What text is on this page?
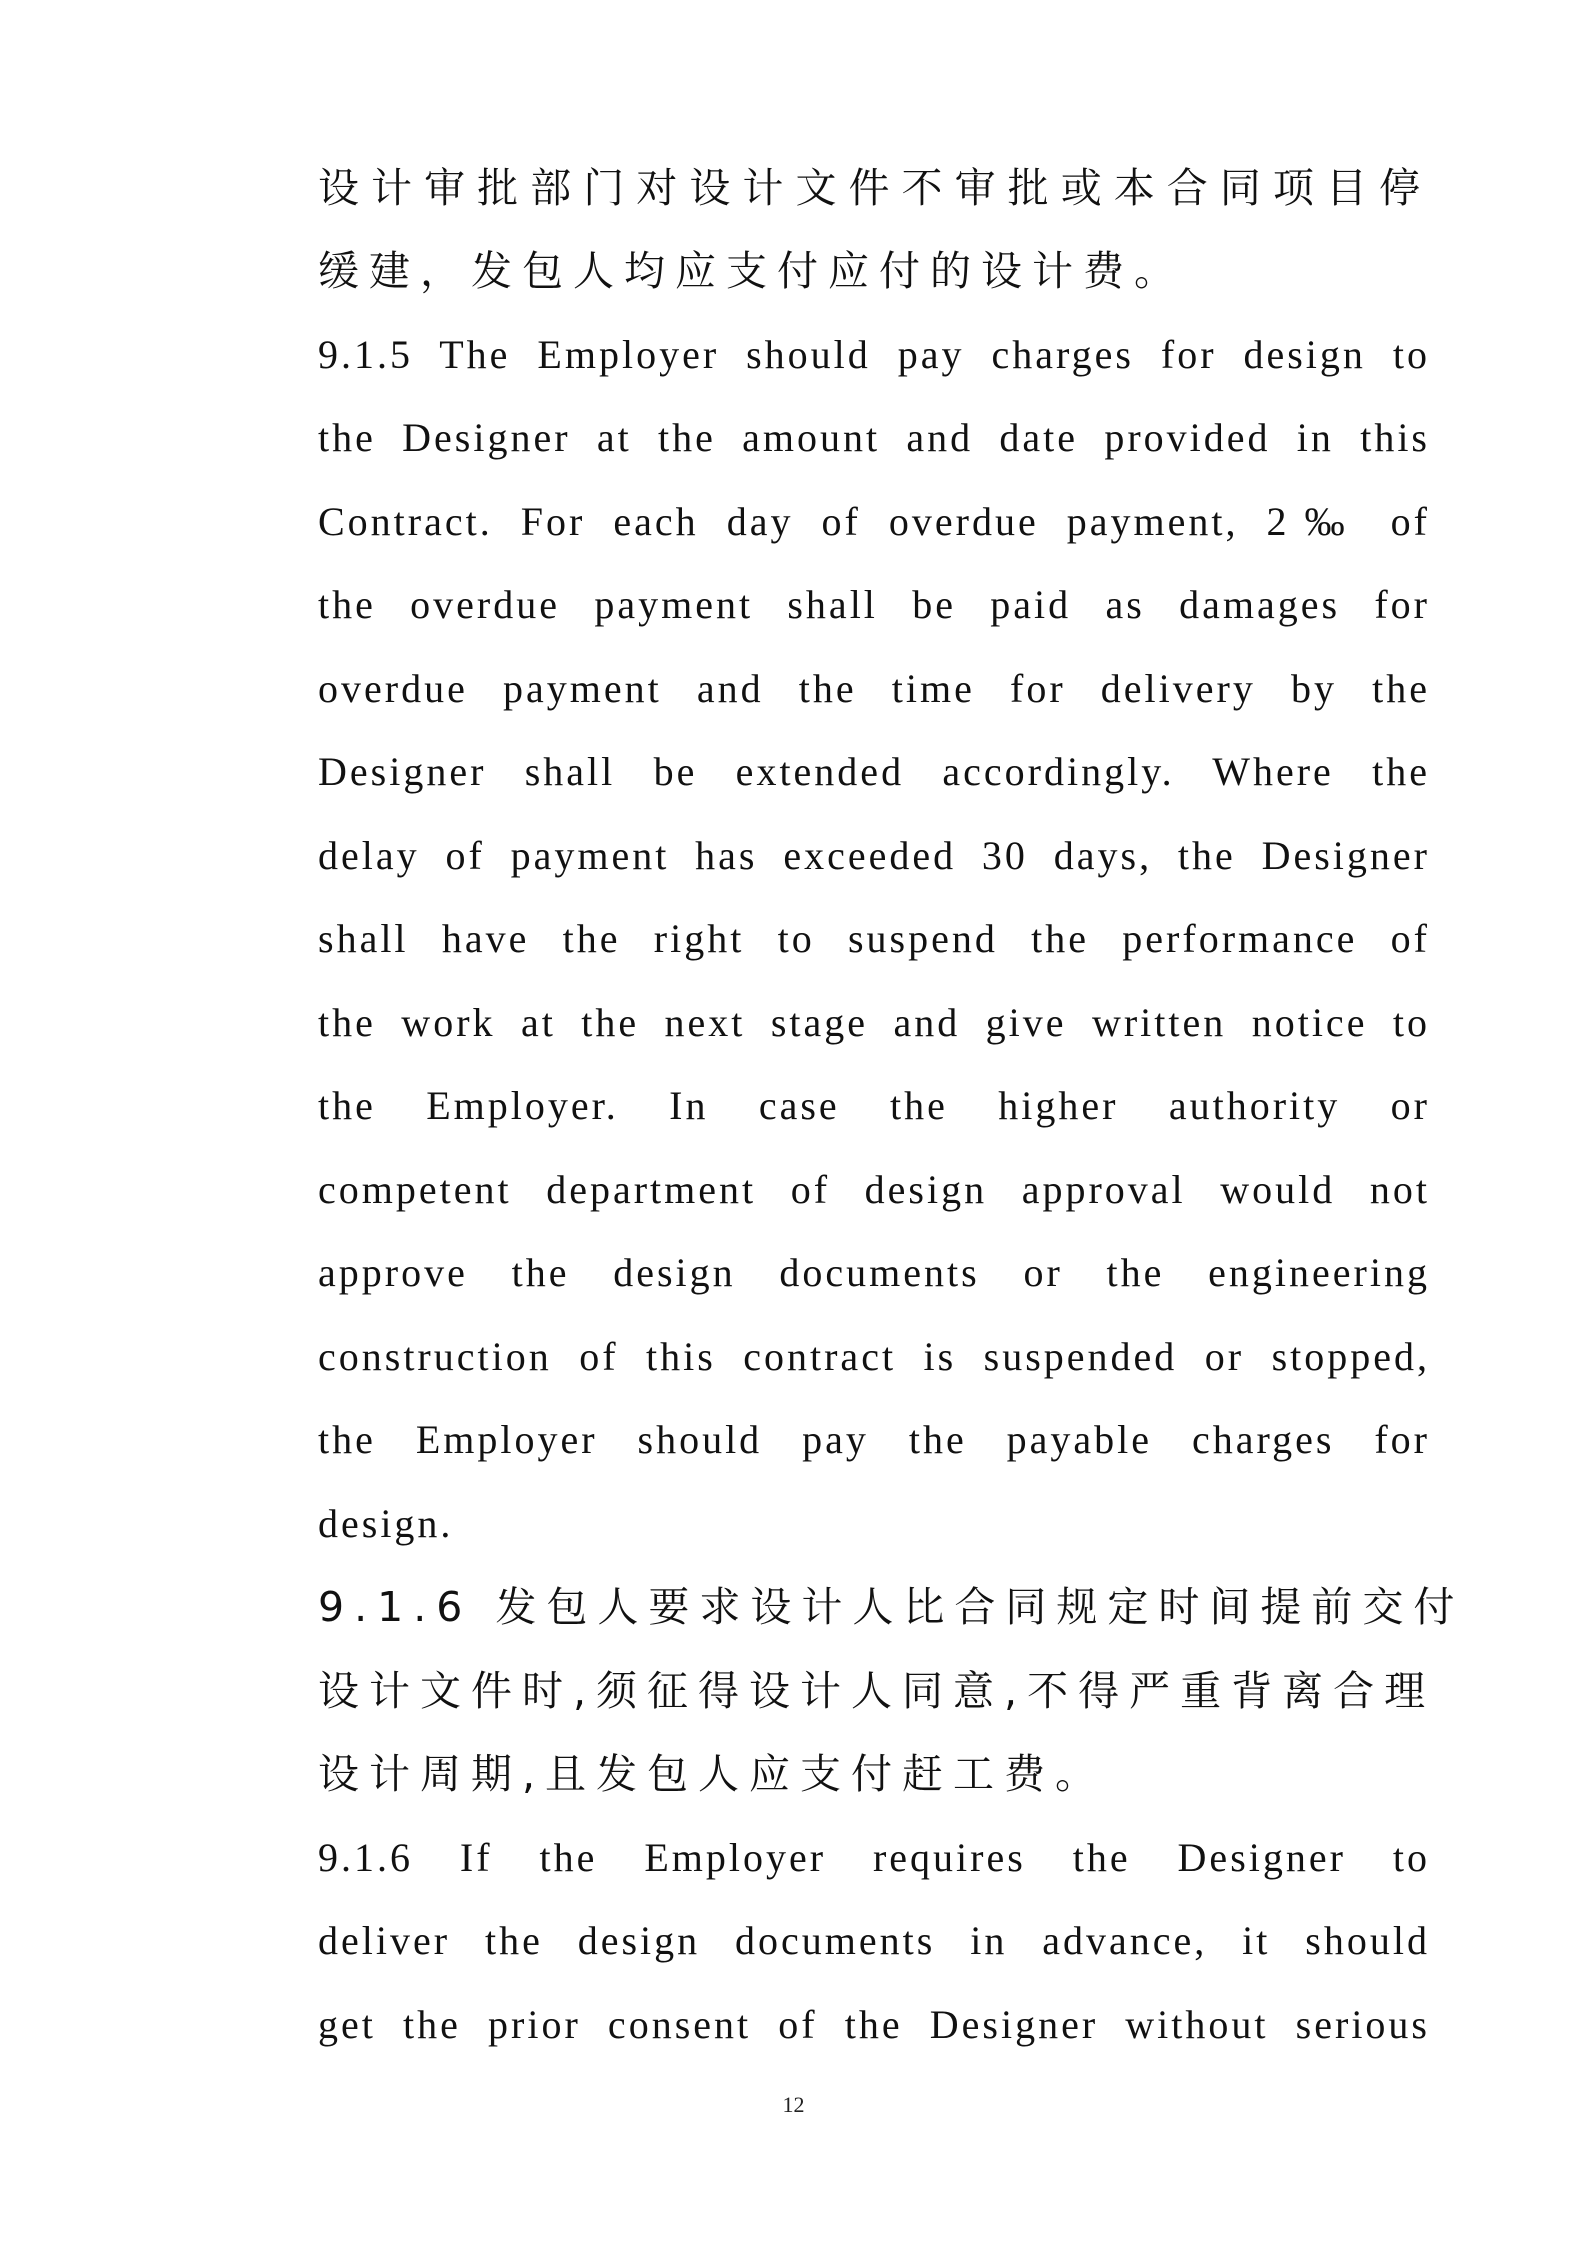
设计审批部门对设计文件不审批或本合同项目停
缓建，发包人均应支付应付的设计费。
9.1.5 The Employer should pay charges for design to
the Designer at the amount and date provided in this
Contract. For each day of overdue payment, 2‰ of
the overdue payment shall be paid as damages for
overdue payment and the time for delivery by the
Designer shall be extended accordingly. Where the
delay of payment has exceeded 30 days, the Designer
shall have the right to suspend the performance of
the work at the next stage and give written notice to
the Employer. In case the higher authority or
competent department of design approval would not
approve the design documents or the engineering
construction of this contract is suspended or stopped,
the Employer should pay the payable charges for
design.
9.1.6 发包人要求设计人比合同规定时间提前交付
设计文件时,须征得设计人同意,不得严重背离合理
设计周期,且发包人应支付赶工费。
9.1.6 If the Employer requires the Designer to
deliver the design documents in advance, it should
get the prior consent of the Designer without serious
12
